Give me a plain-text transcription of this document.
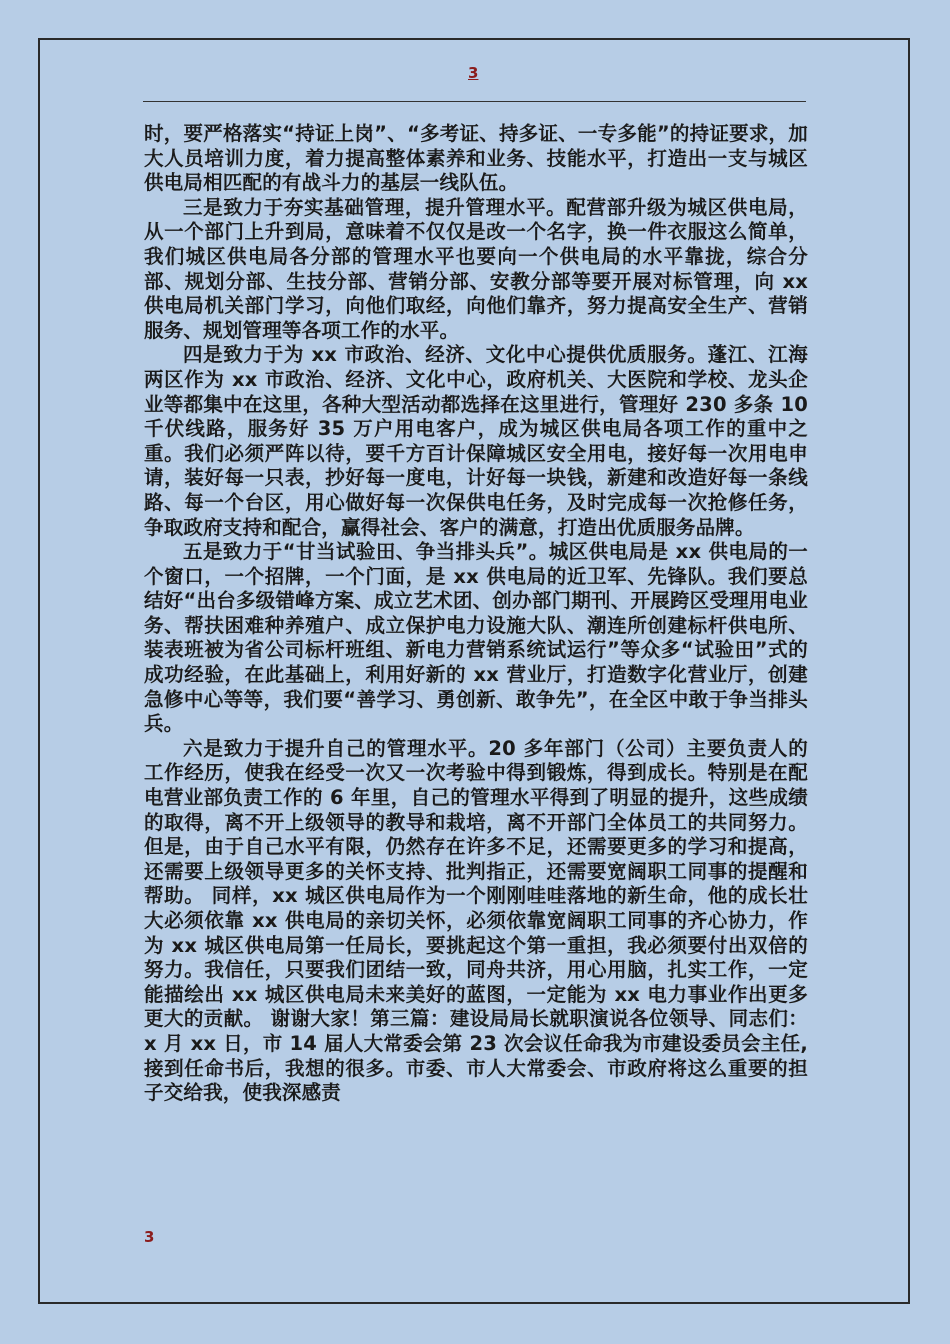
3

时，要严格落实“持证上岗”、“多考证、持多证、一专多能”的持证要求，加大人员培训力度，着力提高整体素养和业务、技能水平，打造出一支与城区供电局相匹配的有战斗力的基层一线队伍。

三是致力于夯实基础管理，提升管理水平。配营部升级为城区供电局，从一个部门上升到局，意味着不仅仅是改一个名字，换一件衣服这么简单，我们城区供电局各分部的管理水平也要向一个供电局的水平靠拢，综合分部、规划分部、生技分部、营销分部、安教分部等要开展对标管理，向 xx 供电局机关部门学习，向他们取经，向他们靠齐，努力提高安全生产、营销服务、规划管理等各项工作的水平。

四是致力于为 xx 市政治、经济、文化中心提供优质服务。蓬江、江海两区作为 xx 市政治、经济、文化中心，政府机关、大医院和学校、龙头企业等都集中在这里，各种大型活动都选择在这里进行，管理好 230 多条 10 千伏线路，服务好 35 万户用电客户，成为城区供电局各项工作的重中之重。我们必须严阵以待，要千方百计保障城区安全用电，接好每一次用电申请，装好每一只表，抄好每一度电，计好每一块钱，新建和改造好每一条线路、每一个台区，用心做好每一次保供电任务，及时完成每一次抢修任务，争取政府支持和配合，赢得社会、客户的满意，打造出优质服务品牌。

五是致力于“甘当试验田、争当排头兵”。城区供电局是 xx 供电局的一个窗口，一个招牌，一个门面，是 xx 供电局的近卫军、先锋队。我们要总结好“出台多级错峰方案、成立艺术团、创办部门期刊、开展跨区受理用电业务、帮扶困难种养殖户、成立保护电力设施大队、潮连所创建标杆供电所、装表班被为省公司标杆班组、新电力营销系统试运行”等众多“试验田”式的成功经验，在此基础上，利用好新的 xx 营业厅，打造数字化营业厅，创建急修中心等等，我们要“善学习、勇创新、敢争先”，在全区中敢于争当排头兵。

六是致力于提升自己的管理水平。20 多年部门（公司）主要负责人的工作经历，使我在经受一次又一次考验中得到锻炼，得到成长。特别是在配电营业部负责工作的 6 年里，自己的管理水平得到了明显的提升，这些成绩的取得，离不开上级领导的教导和栽培，离不开部门全体员工的共同努力。但是，由于自己水平有限，仍然存在许多不足，还需要更多的学习和提高，还需要上级领导更多的关怀支持、批判指正，还需要宽阔职工同事的提醒和帮助。 同样，xx 城区供电局作为一个刚刚哇哇落地的新生命，他的成长壮大必须依靠 xx 供电局的亲切关怀，必须依靠宽阔职工同事的齐心协力，作为 xx 城区供电局第一任局长，要挑起这个第一重担，我必须要付出双倍的努力。我信任，只要我们团结一致，同舟共济，用心用脑，扎实工作，一定能描绘出 xx 城区供电局未来美好的蓝图，一定能为 xx 电力事业作出更多更大的贡献。 谢谢大家！第三篇：建设局局长就职演说各位领导、同志们：x 月 xx 日，市 14 届人大常委会第 23 次会议任命我为市建设委员会主任,接到任命书后，我想的很多。市委、市人大常委会、市政府将这么重要的担子交给我，使我深感责

3
